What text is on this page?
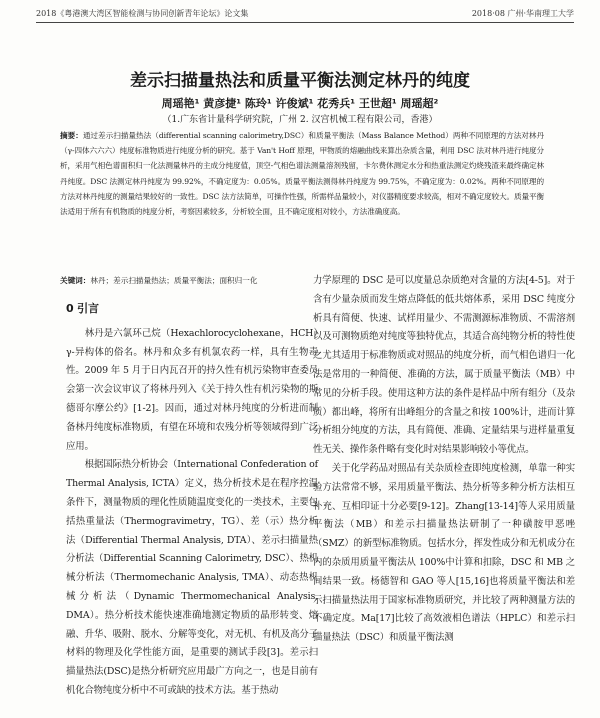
2018《粤港澳大湾区智能检测与协同创新青年论坛》论文集	2018·08 广州·华南理工大学
差示扫描量热法和质量平衡法测定林丹的纯度
周瑶艳¹ 黄彦捷¹ 陈玲¹ 许俊斌¹ 花秀兵¹ 王世超¹ 周瑶超²
（1.广东省计量科学研究院，广州 2. 汉宫机械工程有限公司，香港）
摘要：通过差示扫描量热法（differential scanning calorimetry,DSC）和质量平衡法（Mass Balance Method）两种不同原理的方法对林丹（γ-四体六六六）纯度标准物质进行纯度分析的研究。基于 Van't Hoff 原理，甲物质的熔融曲线来算出杂质含量，利用 DSC 法对林丹进行纯度分析，采用气相色谱面积归一化法测量林丹的主成分纯度值，顶空-气相色谱法测量溶剂残留，卡尔费休测定水分和热重法测定灼烧残渣来最终确定林丹纯度。DSC 法测定林丹纯度为 99.92%，不确定度为：0.05%。质量平衡法测得林丹纯度为 99.75%，不确定度为：0.02%。两种不同原理的方法对林丹纯度的测量结果较好的一致性。DSC 法方法简单，可操作性强，所需样品量较小，对仪器精度要求较高，相对不确定度较大。质量平衡法适用于所有有机物质的纯度分析，考察因素较多，分析较全面，且不确定度相对较小，方法准确度高。
关键词：林丹；差示扫描量热法；质量平衡法；面积归一化
0 引言

林丹是六氯环己烷（Hexachlorocyclohexane，HCH）γ-异构体的俗名。林丹和众多有机氯农药一样，具有生物毒性。2009 年 5 月于日内瓦召开的持久性有机污染物审查委员会第一次会议审议了将林丹列入《关于持久性有机污染物的斯德哥尔摩公约》[1-2]。因而，通过对林丹纯度的分析进而制备林丹纯度标准物质，有望在环境和农残分析等领域得到广泛应用。

根据国际热分析协会（International Confederation of Thermal Analysis, ICTA）定义，热分析技术是在程序控温条件下，测量物质的理化性质随温度变化的一类技术，主要包括热重量法（Thermogravimetry，TG）、差（示）热分析法（Differential Thermal Analysis, DTA）、差示扫描量热分析法（Differential Scanning Calorimetry, DSC）、热机械分析法（Thermomechanic Analysis, TMA）、动态热机械分析法（Dynamic Thermomechanical Analysis, DMA）。热分析技术能快速准确地测定物质的晶形转变、熔融、升华、吸附、脱水、分解等变化，对无机、有机及高分子材料的物理及化学性能方面，是重要的测试手段[3]。差示扫描量热法(DSC)是热分析研究应用最广方向之一，也是目前有机化合物纯度分析中不可或缺的技术方法。基于热动

力学原理的 DSC 是可以度量总杂质绝对含量的方法[4-5]。对于含有少量杂质而发生熔点降低的低共熔体系，采用 DSC 纯度分析具有简便、快速、试样用量少、不需测源标准物质、不需溶剂以及可测物质绝对纯度等独特优点，其适合高纯物分析的特性使之尤其适用于标准物质或对照品的纯度分析，而气相色谱归一化法是常用的一种简便、准确的方法，属于质量平衡法（MB）中常见的分析手段。使用这种方法的条件是样品中所有组分（及杂质）都出峰，将所有出峰组分的含量之和按 100%计，进而计算分析组分纯度的方法，具有简便、准确、定量结果与进样量重复性无关、操作条件略有变化时对结果影响较小等优点。

关于化学药品对照品有关杂质检查即纯度检测，单靠一种实验方法常常不够，采用质量平衡法、热分析等多种分析方法相互补充、互相印证十分必要[9-12]。Zhang[13-14]等人采用质量平衡法（MB）和差示扫描量热法研制了一种磺胺甲恶唑（SMZ）的新型标准物质。包括水分，挥发性成分和无机成分在内的杂质用质量平衡法从 100%中计算和扣除，DSC 和 MB 之间结果一致。杨德智和 GAO 等人[15,16]也将质量平衡法和差示扫描量热法用于国家标准物质研究，并比较了两种测量方法的不确定度。Ma[17]比较了高效液相色谱法（HPLC）和差示扫描量热法（DSC）和质量平衡法测
